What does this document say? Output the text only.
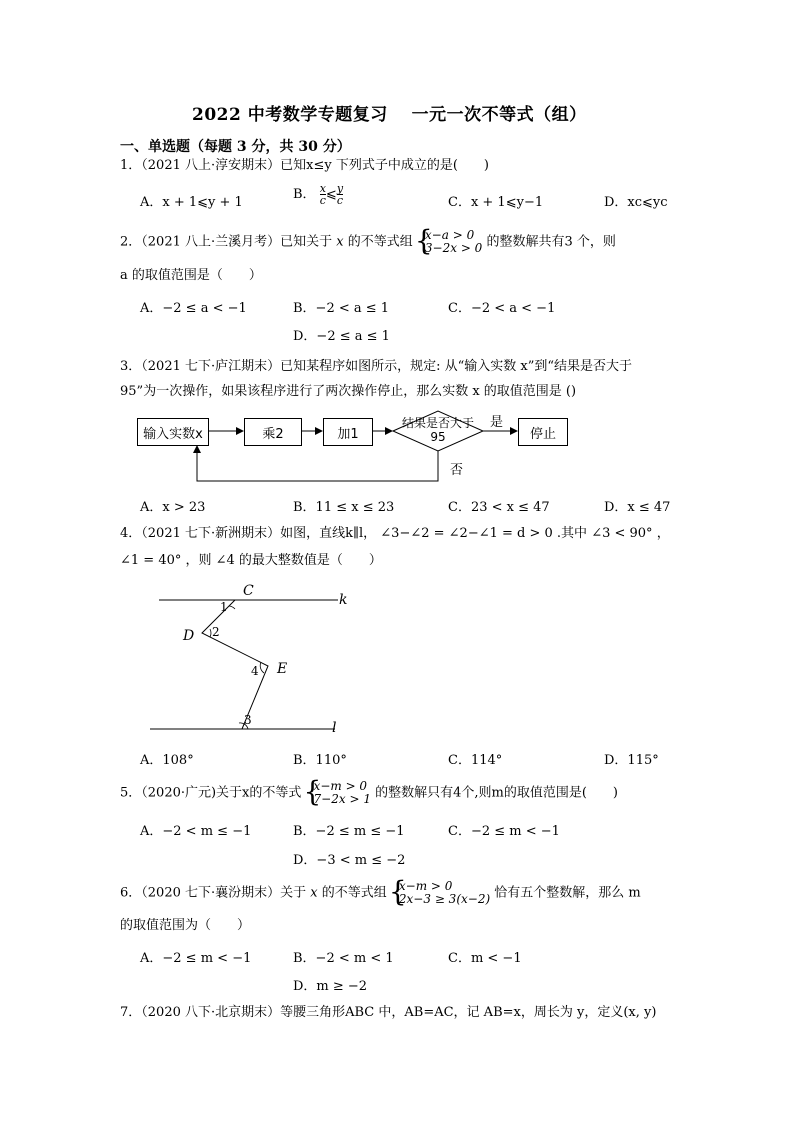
2022 中考数学专题复习　 一元一次不等式（组）
一、单选题（每题 3 分，共 30 分）
1．（2021 八上·淳安期末）已知x≤y 下列式子中成立的是(　　)
A．x + 1⩽y + 1
B． $\frac{x}{c}$ ⩽ $\frac{y}{c}$	C．x + 1⩽y−1	D．xc⩽yc
2．（2021 八上·兰溪月考）已知关于 x 的不等式组 { x−a > 0
3−2x > 0 的整数解共有3 个，则
a 的取值范围是（　　）
A．−2 ≤ a < −1	B．−2 < a ≤ 1	C．−2 < a < −1
D．−2 ≤ a ≤ 1
3．（2021 七下·庐江期末）已知某程序如图所示，规定: 从“输入实数 x”到“结果是否大于
95”为一次操作，如果该程序进行了两次操作停止，那么实数 x 的取值范围是 ()
输入实数x	乘2	加1	停止
结果是否大于95
是
否
A．x > 23	B．11 ≤ x ≤ 23	C．23 < x ≤ 47	D．x ≤ 47
4．（2021 七下·新洲期末）如图，直线k∥l， ∠3−∠2 = ∠2−∠1 = d > 0 .其中 ∠3 < 90° ，
∠1 = 40° ，则 ∠4 的最大整数值是（　　）
C
D
E
k
l
1
2
4
3
A．108°	B．110°	C．114°	D．115°
5．（2020·广元)关于x的不等式 { x−m > 0
7−2x > 1 的整数解只有4个,则m的取值范围是(　　)
A．−2 < m ≤ −1	B．−2 ≤ m ≤ −1	C．−2 ≤ m < −1
D．−3 < m ≤ −2
6．（2020 七下·襄汾期末）关于 x 的不等式组 { x−m > 0
2x−3 ≥ 3(x−2) 恰有五个整数解，那么 m
的取值范围为（　　）
A．−2 ≤ m < −1	B．−2 < m < 1	C．m < −1
D．m ≥ −2
7．（2020 八下·北京期末）等腰三角形ABC 中，AB=AC，记 AB=x，周长为 y，定义(x, y)
